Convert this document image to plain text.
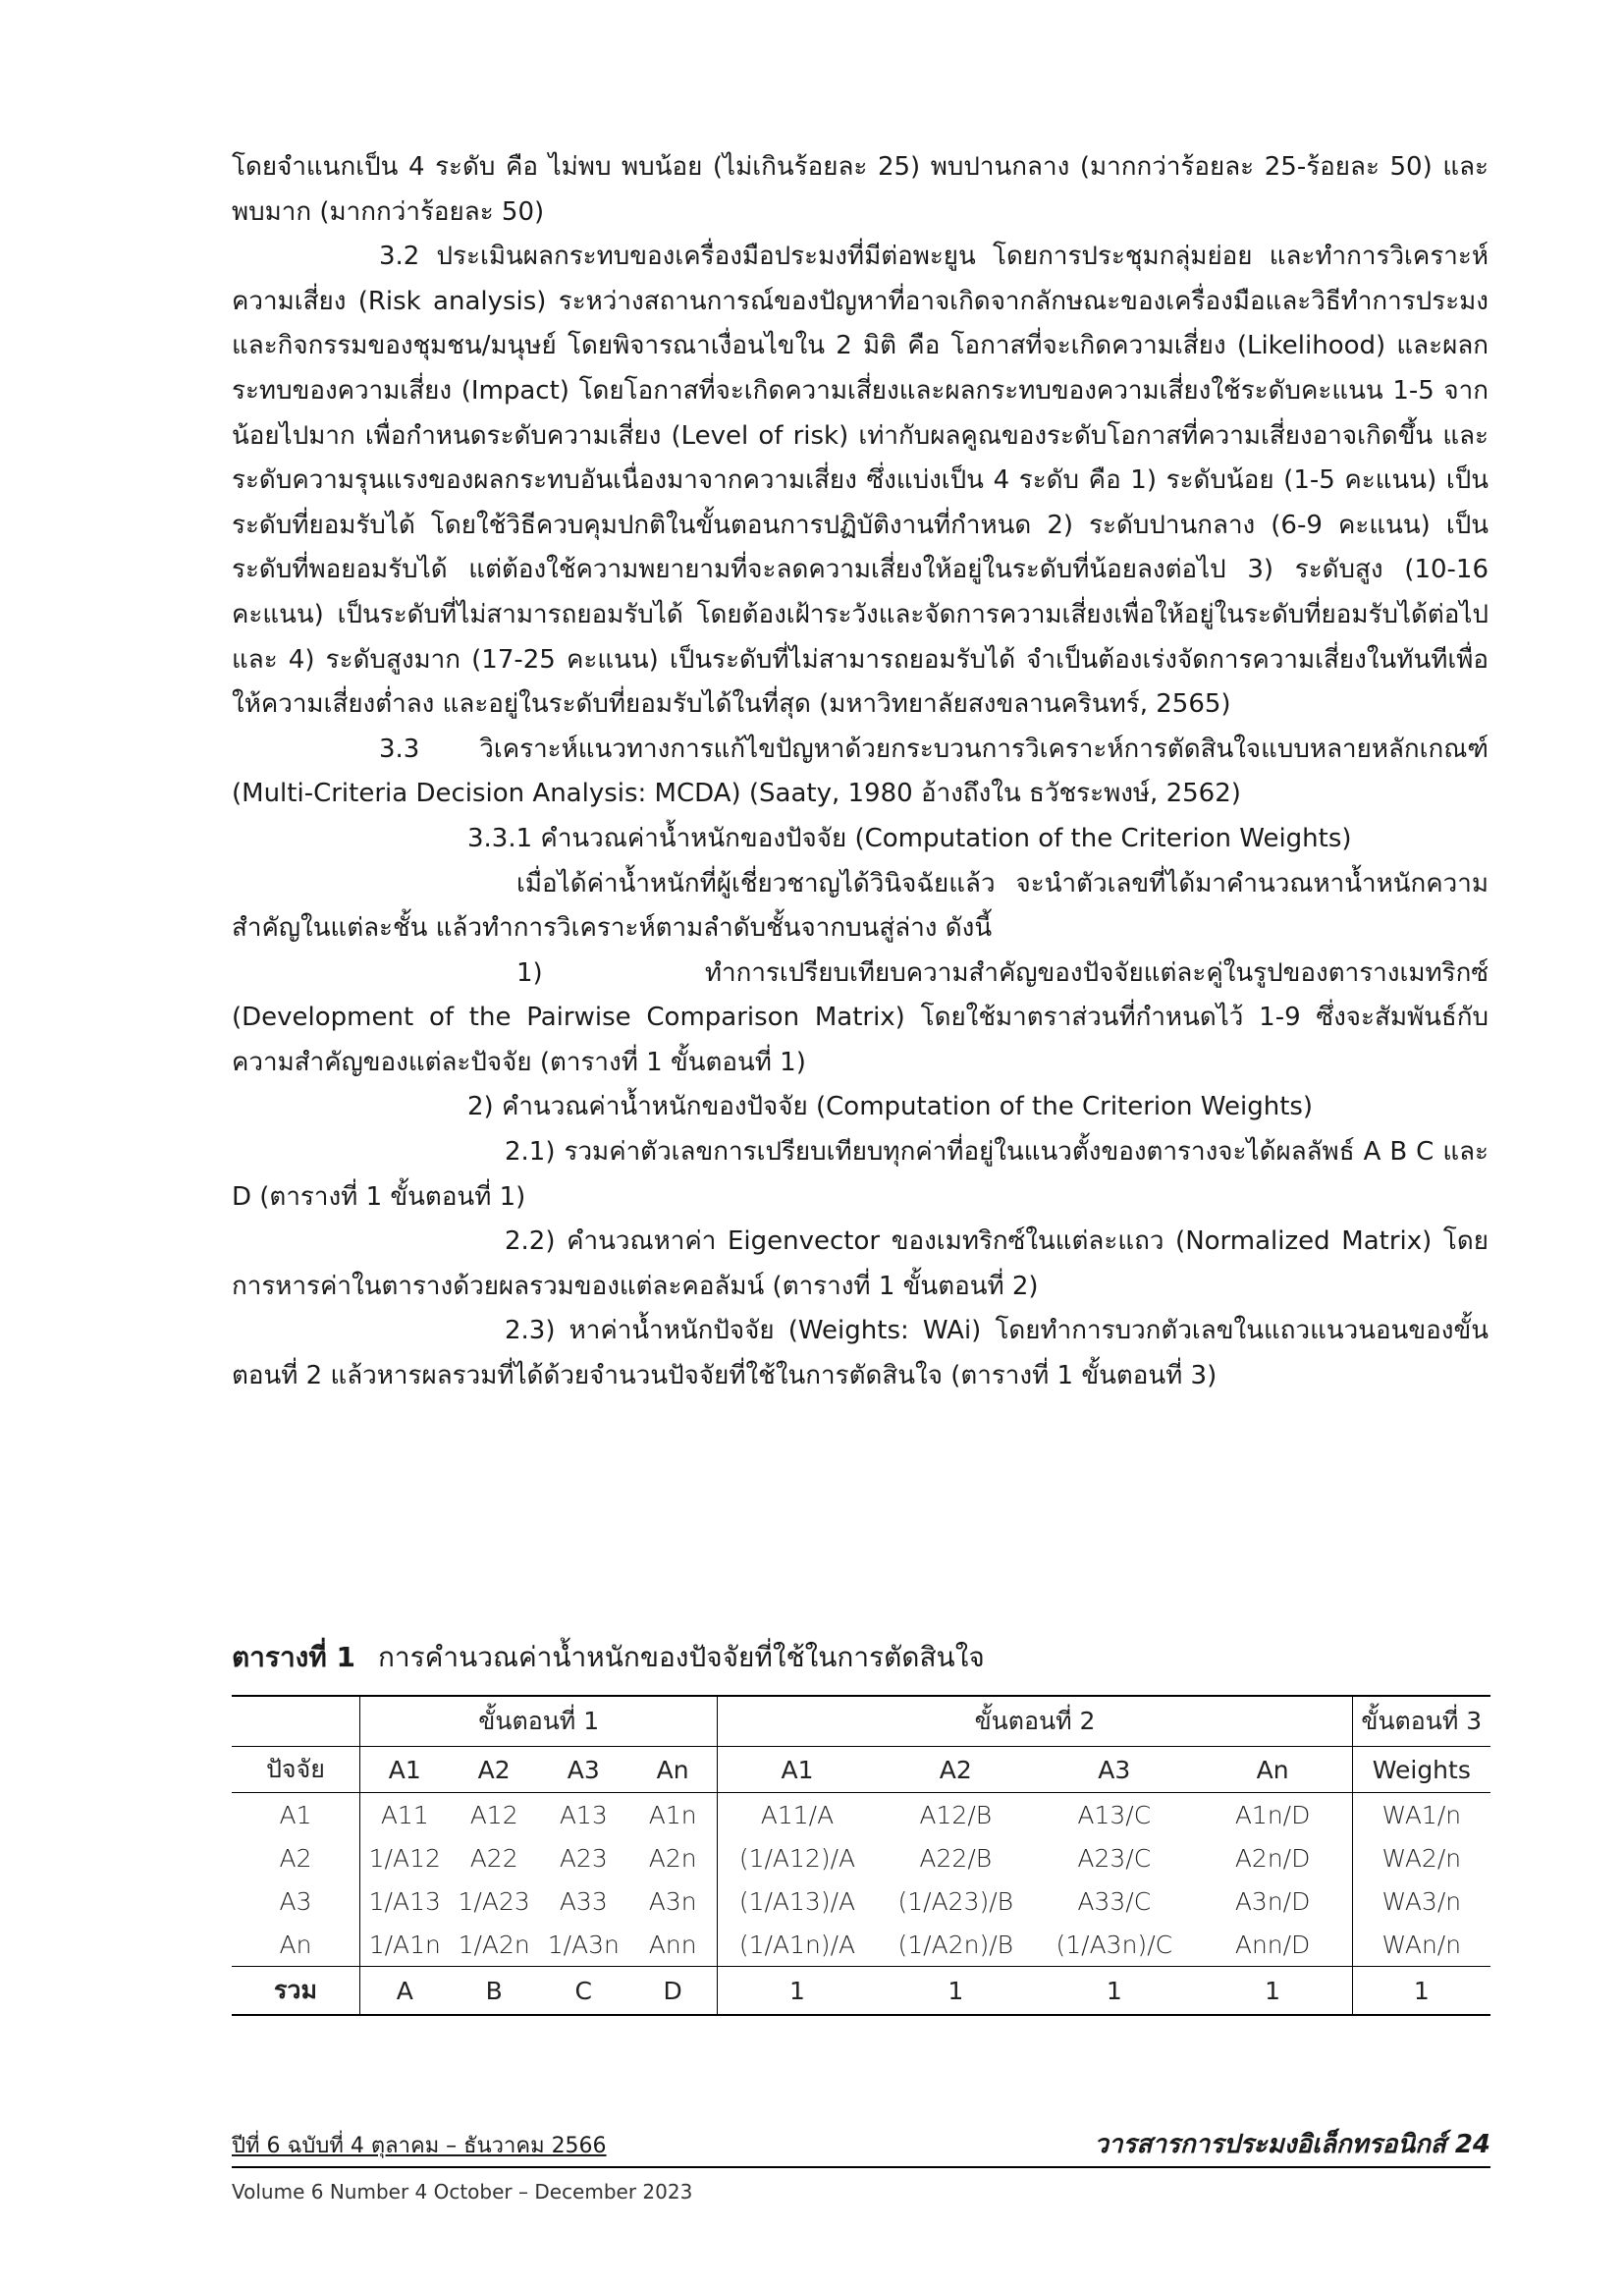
โดยจำแนกเป็น 4 ระดับ คือ ไม่พบ พบน้อย (ไม่เกินร้อยละ 25) พบปานกลาง (มากกว่าร้อยละ 25-ร้อยละ 50) และพบมาก (มากกว่าร้อยละ 50)

3.2 ประเมินผลกระทบของเครื่องมือประมงที่มีต่อพะยูน โดยการประชุมกลุ่มย่อย และทำการวิเคราะห์ความเสี่ยง (Risk analysis) ระหว่างสถานการณ์ของปัญหาที่อาจเกิดจากลักษณะของเครื่องมือและวิธีทำการประมงและกิจกรรมของชุมชน/มนุษย์ โดยพิจารณาเงื่อนไขใน 2 มิติ คือ โอกาสที่จะเกิดความเสี่ยง (Likelihood) และผลกระทบของความเสี่ยง (Impact) โดยโอกาสที่จะเกิดความเสี่ยงและผลกระทบของความเสี่ยงใช้ระดับคะแนน 1-5 จากน้อยไปมาก เพื่อกำหนดระดับความเสี่ยง (Level of risk) เท่ากับผลคูณของระดับโอกาสที่ความเสี่ยงอาจเกิดขึ้น และระดับความรุนแรงของผลกระทบอันเนื่องมาจากความเสี่ยง ซึ่งแบ่งเป็น 4 ระดับ คือ 1) ระดับน้อย (1-5 คะแนน) เป็นระดับที่ยอมรับได้ โดยใช้วิธีควบคุมปกติในขั้นตอนการปฏิบัติงานที่กำหนด 2) ระดับปานกลาง (6-9 คะแนน) เป็นระดับที่พอยอมรับได้ แต่ต้องใช้ความพยายามที่จะลดความเสี่ยงให้อยู่ในระดับที่น้อยลงต่อไป 3) ระดับสูง (10-16 คะแนน) เป็นระดับที่ไม่สามารถยอมรับได้ โดยต้องเฝ้าระวังและจัดการความเสี่ยงเพื่อให้อยู่ในระดับที่ยอมรับได้ต่อไป และ 4) ระดับสูงมาก (17-25 คะแนน) เป็นระดับที่ไม่สามารถยอมรับได้ จำเป็นต้องเร่งจัดการความเสี่ยงในทันทีเพื่อให้ความเสี่ยงต่ำลง และอยู่ในระดับที่ยอมรับได้ในที่สุด (มหาวิทยาลัยสงขลานครินทร์, 2565)

3.3 วิเคราะห์แนวทางการแก้ไขปัญหาด้วยกระบวนการวิเคราะห์การตัดสินใจแบบหลายหลักเกณฑ์ (Multi-Criteria Decision Analysis: MCDA) (Saaty, 1980 อ้างถึงใน ธวัชระพงษ์, 2562)

3.3.1 คำนวณค่าน้ำหนักของปัจจัย (Computation of the Criterion Weights)

เมื่อได้ค่าน้ำหนักที่ผู้เชี่ยวชาญได้วินิจฉัยแล้ว จะนำตัวเลขที่ได้มาคำนวณหาน้ำหนักความสำคัญในแต่ละชั้น แล้วทำการวิเคราะห์ตามลำดับชั้นจากบนสู่ล่าง ดังนี้

1) ทำการเปรียบเทียบความสำคัญของปัจจัยแต่ละคู่ในรูปของตารางเมทริกซ์ (Development of the Pairwise Comparison Matrix) โดยใช้มาตราส่วนที่กำหนดไว้ 1-9 ซึ่งจะสัมพันธ์กับความสำคัญของแต่ละปัจจัย (ตารางที่ 1 ขั้นตอนที่ 1)

2) คำนวณค่าน้ำหนักของปัจจัย (Computation of the Criterion Weights)

2.1) รวมค่าตัวเลขการเปรียบเทียบทุกค่าที่อยู่ในแนวตั้งของตารางจะได้ผลลัพธ์ A B C และ D (ตารางที่ 1 ขั้นตอนที่ 1)

2.2) คำนวณหาค่า Eigenvector ของเมทริกซ์ในแต่ละแถว (Normalized Matrix) โดยการหารค่าในตารางด้วยผลรวมของแต่ละคอลัมน์ (ตารางที่ 1 ขั้นตอนที่ 2)

2.3) หาค่าน้ำหนักปัจจัย (Weights: WAi) โดยทำการบวกตัวเลขในแถวแนวนอนของขั้นตอนที่ 2 แล้วหารผลรวมที่ได้ด้วยจำนวนปัจจัยที่ใช้ในการตัดสินใจ (ตารางที่ 1 ขั้นตอนที่ 3)

ตารางที่ 1 การคำนวณค่าน้ำหนักของปัจจัยที่ใช้ในการตัดสินใจ
	ขั้นตอนที่ 1				ขั้นตอนที่ 2				ขั้นตอนที่ 3
ปัจจัย	A1	A2	A3	An	A1	A2	A3	An	Weights
A1	A11	A12	A13	A1n	A11/A	A12/B	A13/C	A1n/D	WA1/n
A2	1/A12	A22	A23	A2n	(1/A12)/A	A22/B	A23/C	A2n/D	WA2/n
A3	1/A13	1/A23	A33	A3n	(1/A13)/A	(1/A23)/B	A33/C	A3n/D	WA3/n
An	1/A1n	1/A2n	1/A3n	Ann	(1/A1n)/A	(1/A2n)/B	(1/A3n)/C	Ann/D	WAn/n
รวม	A	B	C	D	1	1	1	1	1
ปีที่ 6 ฉบับที่ 4 ตุลาคม – ธันวาคม 2566
Volume 6 Number 4 October – December 2023
วารสารการประมงอิเล็กทรอนิกส์ 24
